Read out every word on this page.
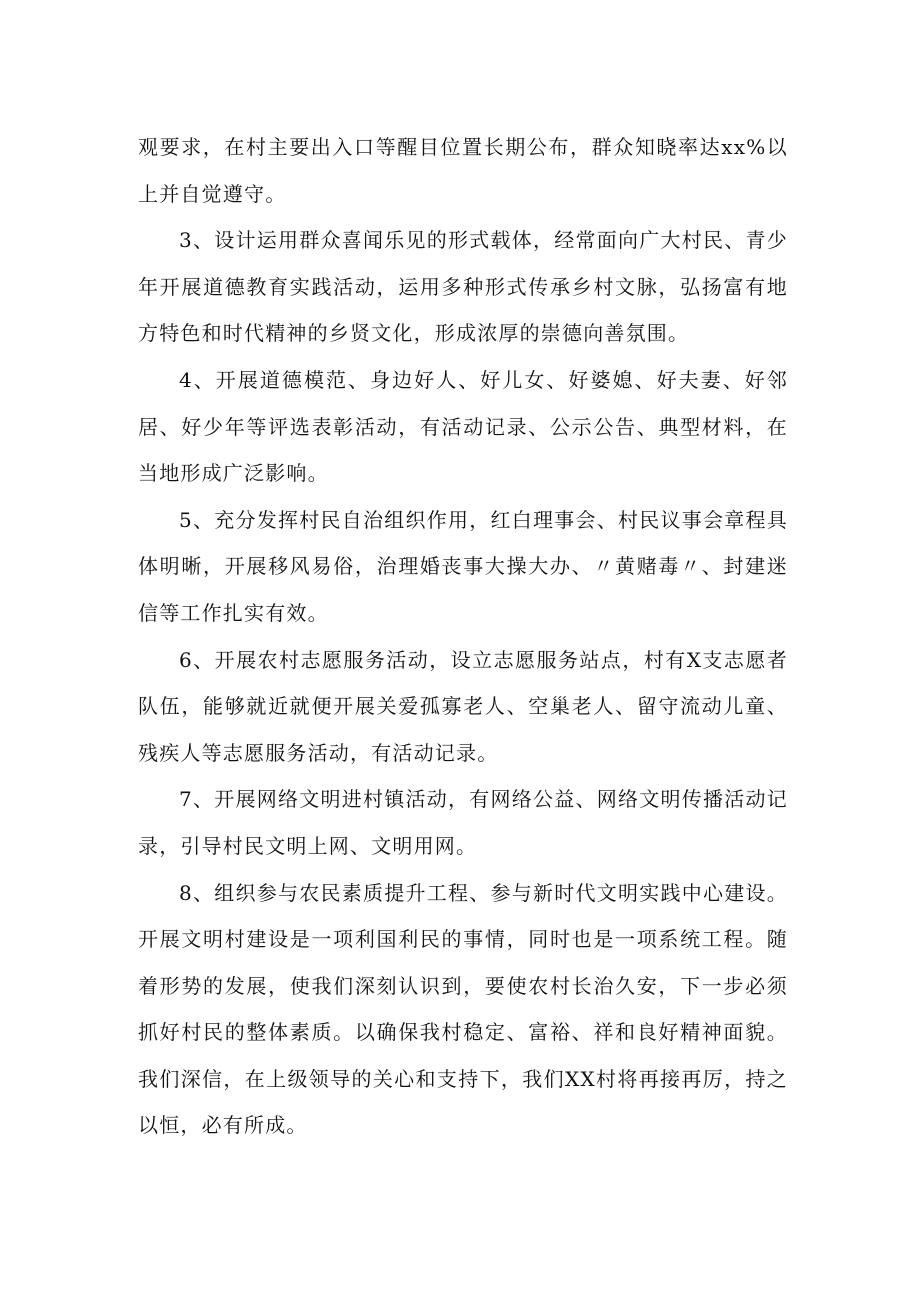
观要求，在村主要出入口等醒目位置长期公布，群众知晓率达xx%以上并自觉遵守。

3、设计运用群众喜闻乐见的形式载体，经常面向广大村民、青少年开展道德教育实践活动，运用多种形式传承乡村文脉，弘扬富有地方特色和时代精神的乡贤文化，形成浓厚的崇德向善氛围。

4、开展道德模范、身边好人、好儿女、好婆媳、好夫妻、好邻居、好少年等评选表彰活动，有活动记录、公示公告、典型材料，在当地形成广泛影响。

5、充分发挥村民自治组织作用，红白理事会、村民议事会章程具体明晰，开展移风易俗，治理婚丧事大操大办、〃黄赌毒〃、封建迷信等工作扎实有效。

6、开展农村志愿服务活动，设立志愿服务站点，村有X支志愿者队伍，能够就近就便开展关爱孤寡老人、空巢老人、留守流动儿童、残疾人等志愿服务活动，有活动记录。

7、开展网络文明进村镇活动，有网络公益、网络文明传播活动记录，引导村民文明上网、文明用网。

8、组织参与农民素质提升工程、参与新时代文明实践中心建设。开展文明村建设是一项利国利民的事情，同时也是一项系统工程。随着形势的发展，使我们深刻认识到，要使农村长治久安，下一步必须抓好村民的整体素质。以确保我村稳定、富裕、祥和良好精神面貌。我们深信，在上级领导的关心和支持下，我们XX村将再接再厉，持之以恒，必有所成。
